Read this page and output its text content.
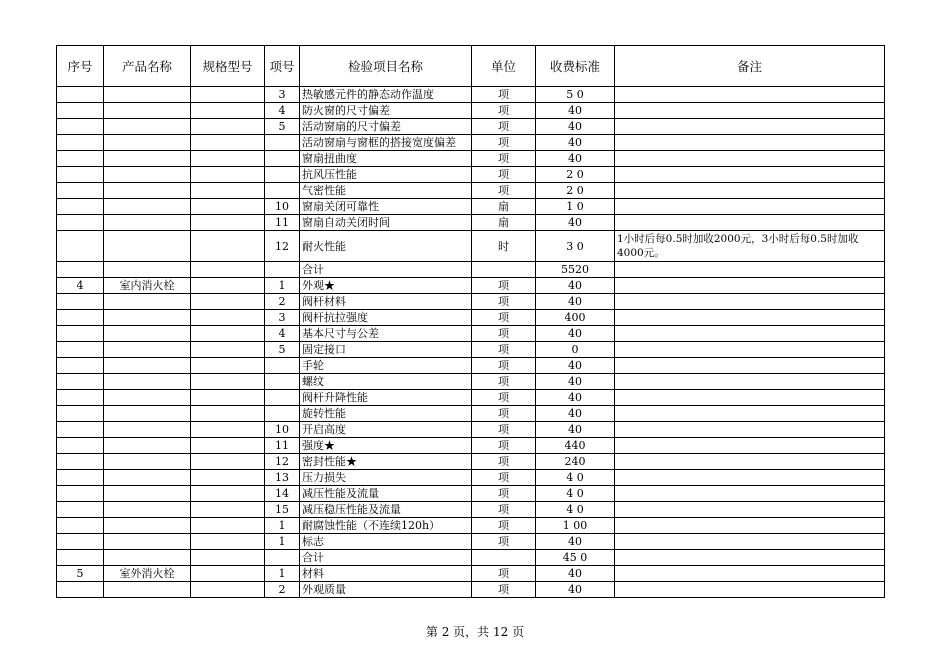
序号	产品名称	规格型号	项号	检验项目名称	单位	收费标准	备注
			3	热敏感元件的静态动作温度	项	5 0	
			4	防火窗的尺寸偏差	项	40	
			5	活动窗扇的尺寸偏差	项	40	
				活动窗扇与窗框的搭接宽度偏差	项	40	
				窗扇扭曲度	项	40	
				抗风压性能	项	2 0	
				气密性能	项	2 0	
			10	窗扇关闭可靠性	扇	1 0	
			11	窗扇自动关闭时间	扇	40	
			12	耐火性能	时	3 0	1小时后每0.5时加收2000元，3小时后每0.5时加收4000元。
				合计		5520	
4	室内消火栓		1	外观★	项	40	
			2	阀杆材料	项	40	
			3	阀杆抗拉强度	项	400	
			4	基本尺寸与公差	项	40	
			5	固定接口	项	0	
				手轮	项	40	
				螺纹	项	40	
				阀杆升降性能	项	40	
				旋转性能	项	40	
			10	开启高度	项	40	
			11	强度★	项	440	
			12	密封性能★	项	240	
			13	压力损失	项	4 0	
			14	减压性能及流量	项	4 0	
			15	减压稳压性能及流量	项	4 0	
			1	耐腐蚀性能（不连续120h）	项	1 00	
			1	标志	项	40	
				合计		45 0	
5	室外消火栓		1	材料	项	40	
			2	外观质量	项	40	
第 2 页，共 12 页
